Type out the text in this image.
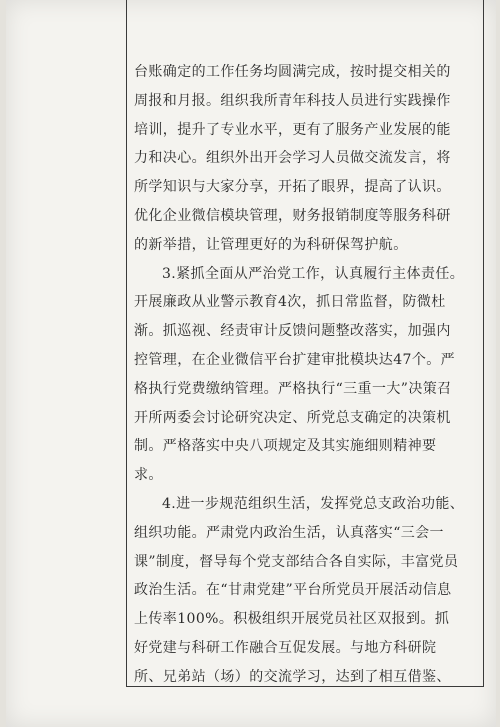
台账确定的工作任务均圆满完成，按时提交相关的
周报和月报。组织我所青年科技人员进行实践操作
培训，提升了专业水平，更有了服务产业发展的能
力和决心。组织外出开会学习人员做交流发言，将
所学知识与大家分享，开拓了眼界，提高了认识。
优化企业微信模块管理，财务报销制度等服务科研
的新举措，让管理更好的为科研保驾护航。
3.紧抓全面从严治党工作，认真履行主体责任。
开展廉政从业警示教育4次，抓日常监督，防微杜
渐。抓巡视、经责审计反馈问题整改落实，加强内
控管理，在企业微信平台扩建审批模块达47个。严
格执行党费缴纳管理。严格执行“三重一大”决策召
开所两委会讨论研究决定、所党总支确定的决策机
制。严格落实中央八项规定及其实施细则精神要
求。
4.进一步规范组织生活，发挥党总支政治功能、
组织功能。严肃党内政治生活，认真落实“三会一
课”制度，督导每个党支部结合各自实际，丰富党员
政治生活。在“甘肃党建”平台所党员开展活动信息
上传率100%。积极组织开展党员社区双报到。抓
好党建与科研工作融合互促发展。与地方科研院
所、兄弟站（场）的交流学习，达到了相互借鉴、
